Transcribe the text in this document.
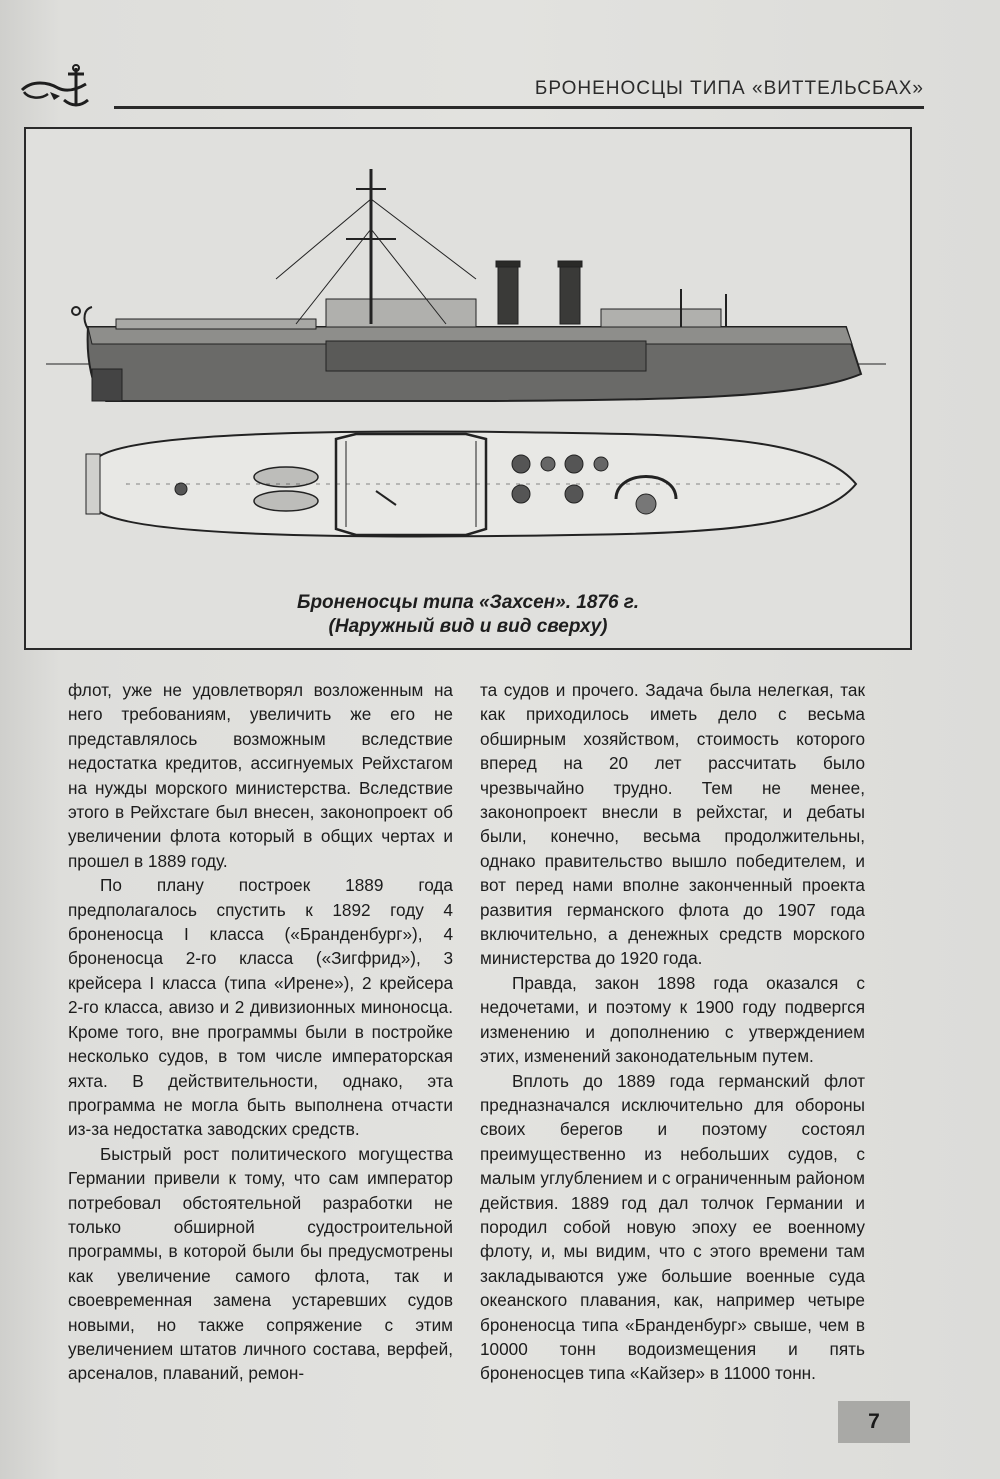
БРОНЕНОСЦЫ ТИПА «ВИТТЕЛЬСБАХ»
Броненосцы типа «Захсен». 1876 г.
(Наружный вид и вид сверху)

флот, уже не удовлетворял возложенным на него требованиям, увеличить же его не представлялось возможным вследствие недостатка кредитов, ассигнуемых Рейхстагом на нужды морского министерства. Вследствие этого в Рейхстаге был внесен, законопроект об увеличении флота который в общих чертах и прошел в 1889 году.

По плану построек 1889 года предполагалось спустить к 1892 году 4 броненосца I класса («Бранденбург»), 4 броненосца 2-го класса («Зигфрид»), 3 крейсера I класса (типа «Ирене»), 2 крейсера 2-го класса, авизо и 2 дивизионных миноносца. Кроме того, вне программы были в постройке несколько судов, в том числе императорская яхта. В действительности, однако, эта программа не могла быть выполнена отчасти из-за недостатка заводских средств.

Быстрый рост политического могущества Германии привели к тому, что сам император потребовал обстоятельной разработки не только обширной судостроительной программы, в которой были бы предусмотрены как увеличение самого флота, так и своевременная замена устаревших судов новыми, но также сопряжение с этим увеличением штатов личного состава, верфей, арсеналов, плаваний, ремон-

та судов и прочего. Задача была нелегкая, так как приходилось иметь дело с весьма обширным хозяйством, стоимость которого вперед на 20 лет рассчитать было чрезвычайно трудно. Тем не менее, законопроект внесли в рейхстаг, и дебаты были, конечно, весьма продолжительны, однако правительство вышло победителем, и вот перед нами вполне законченный проекта развития германского флота до 1907 года включительно, а денежных средств морского министерства до 1920 года.

Правда, закон 1898 года оказался с недочетами, и поэтому к 1900 году подвергся изменению и дополнению с утверждением этих, изменений законодательным путем.

Вплоть до 1889 года германский флот предназначался исключительно для обороны своих берегов и поэтому состоял преимущественно из небольших судов, с малым углублением и с ограниченным районом действия. 1889 год дал толчок Германии и породил собой новую эпоху ее военному флоту, и, мы видим, что с этого времени там закладываются уже большие военные суда океанского плавания, как, например четыре броненосца типа «Бранденбург» свыше, чем в 10000 тонн водоизмещения и пять броненосцев типа «Кайзер» в 11000 тонн.

7
